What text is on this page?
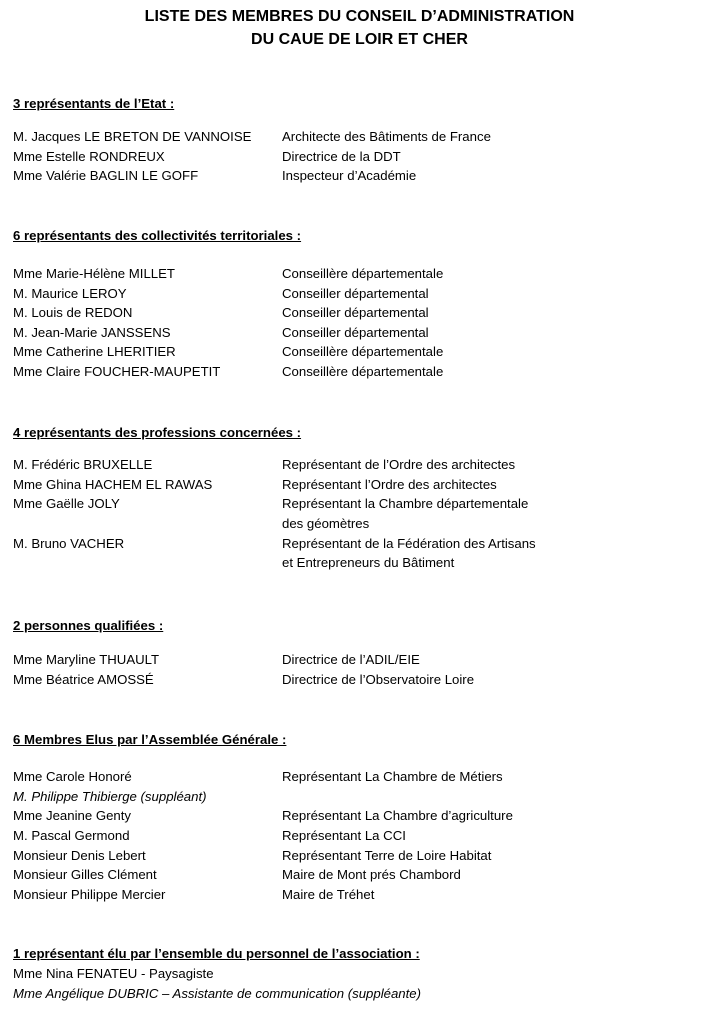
LISTE DES MEMBRES DU CONSEIL D’ADMINISTRATION
DU CAUE DE LOIR ET CHER
3 représentants de l’Etat :
M. Jacques LE BRETON DE VANNOISE Architecte des Bâtiments de France
Mme Estelle RONDREUX	Directrice de la DDT
Mme Valérie BAGLIN LE GOFF	Inspecteur d’Académie
6 représentants des collectivités territoriales :
Mme Marie-Hélène MILLET	Conseillère départementale
M. Maurice LEROY	Conseiller départemental
M. Louis de REDON	Conseiller départemental
M. Jean-Marie JANSSENS	Conseiller départemental
Mme Catherine LHERITIER	Conseillère départementale
Mme Claire FOUCHER-MAUPETIT	Conseillère départementale
4 représentants des professions concernées :
M. Frédéric BRUXELLE	Représentant de l’Ordre des architectes
Mme Ghina HACHEM EL RAWAS	Représentant l’Ordre des architectes
Mme Gaëlle JOLY	Représentant la Chambre départementale
des géomètres
M. Bruno VACHER	Représentant de la Fédération des Artisans
et Entrepreneurs du Bâtiment
2 personnes qualifiées :
Mme Maryline THUAULT	Directrice de l’ADIL/EIE
Mme Béatrice AMOSSÉ	Directrice de l’Observatoire Loire
6 Membres Elus par l’Assemblée Générale :
Mme Carole Honoré	Représentant La Chambre de Métiers
M. Philippe Thibierge (suppléant)
Mme Jeanine Genty	Représentant La Chambre d’agriculture
M. Pascal Germond	Représentant La CCI
Monsieur Denis Lebert	Représentant Terre de Loire Habitat
Monsieur Gilles Clément	Maire de Mont prés Chambord
Monsieur Philippe Mercier	Maire de Tréhet
1 représentant élu par l’ensemble du personnel de l’association :
Mme Nina FENATEU - Paysagiste
Mme Angélique DUBRIC – Assistante de communication (suppléante)
